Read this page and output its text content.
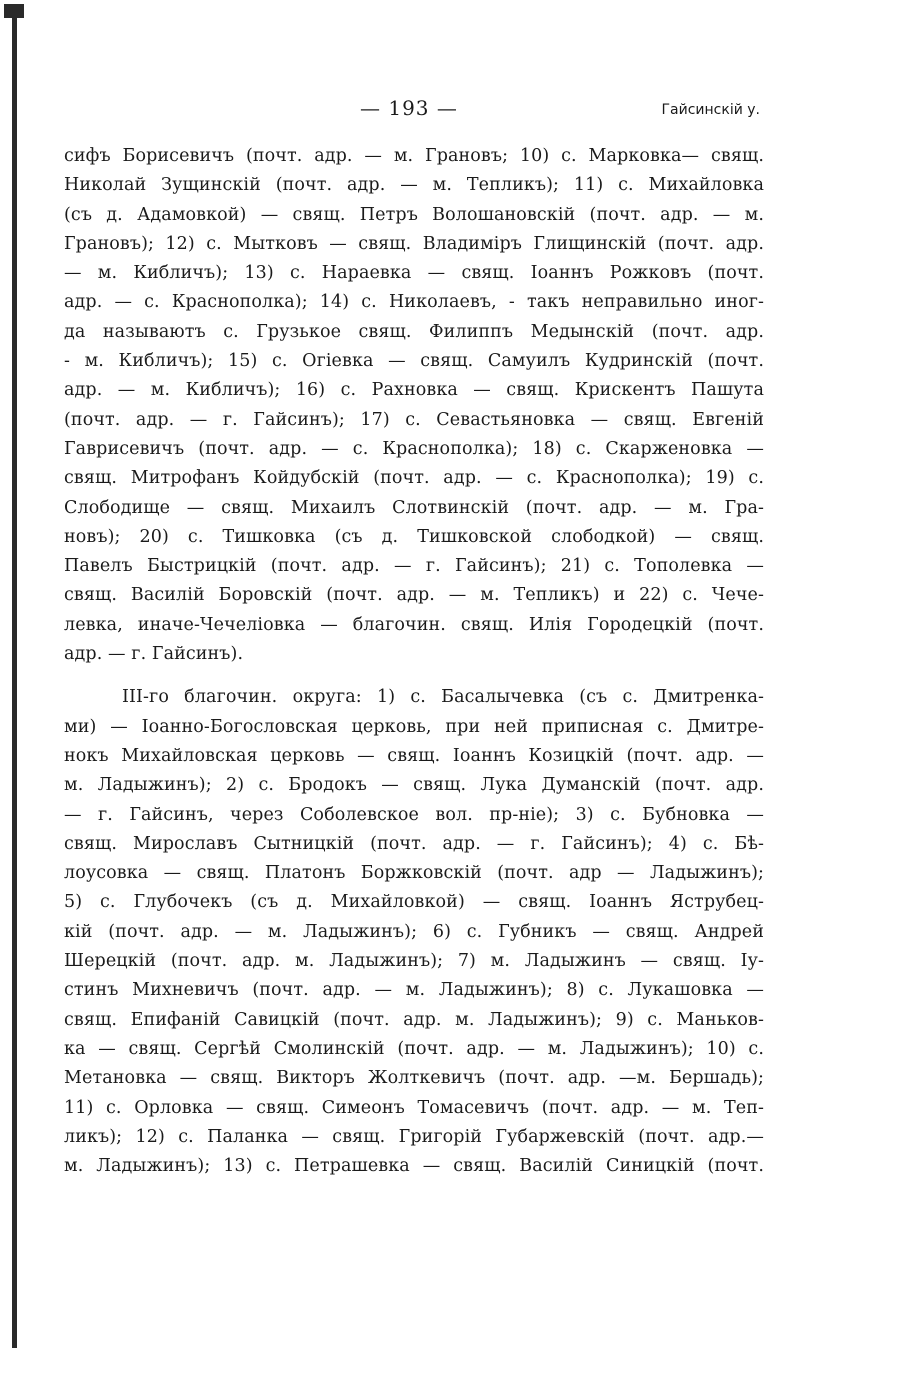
— 193 —	Гайсинскій у.
сифъ Борисевичъ (почт. адр. — м. Грановъ; 10) с. Марковка— свящ.
Николай Зущинскій (почт. адр. — м. Тепликъ); 11) с. Михайловка
(съ д. Адамовкой) — свящ. Петръ Волошановскій (почт. адр. — м.
Грановъ); 12) с. Мытковъ — свящ. Владиміръ Глищинскій (почт. адр.
— м. Кибличъ); 13) с. Нараевка — свящ. Іоаннъ Рожковъ (почт.
адр. — с. Краснополка); 14) с. Николаевъ, - такъ неправильно иног-
да называютъ с. Грузькое свящ. Филиппъ Медынскій (почт. адр.
- м. Кибличъ); 15) с. Огіевка — свящ. Самуилъ Кудринскій (почт.
адр. — м. Кибличъ); 16) с. Рахновка — свящ. Крискентъ Пашута
(почт. адр. — г. Гайсинъ); 17) с. Севастьяновка — свящ. Евгеній
Гаврисевичъ (почт. адр. — с. Краснополка); 18) с. Скарженовка —
свящ. Митрофанъ Койдубскій (почт. адр. — с. Краснополка); 19) с.
Слободище — свящ. Михаилъ Слотвинскій (почт. адр. — м. Гра-
новъ); 20) с. Тишковка (съ д. Тишковской слободкой) — свящ.
Павелъ Быстрицкій (почт. адр. — г. Гайсинъ); 21) с. Тополевка —
свящ. Василій Боровскій (почт. адр. — м. Тепликъ) и 22) с. Чече-
левка, иначе-Чечеліовка — благочин. свящ. Илія Городецкій (почт.
адр. — г. Гайсинъ).
III-го благочин. округа: 1) с. Басалычевка (съ с. Дмитренка-
ми) — Іоанно-Богословская церковь, при ней приписная с. Дмитре-
нокъ Михайловская церковь — свящ. Іоаннъ Козицкій (почт. адр. —
м. Ладыжинъ); 2) с. Бродокъ — свящ. Лука Думанскій (почт. адр.
— г. Гайсинъ, через Соболевское вол. пр-ніе); 3) с. Бубновка —
свящ. Мирославъ Сытницкій (почт. адр. — г. Гайсинъ); 4) с. Бѣ-
лоусовка — свящ. Платонъ Боржковскій (почт. адр — Ладыжинъ);
5) с. Глубочекъ (съ д. Михайловкой) — свящ. Іоаннъ Яструбец-
кій (почт. адр. — м. Ладыжинъ); 6) с. Губникъ — свящ. Андрей
Шерецкій (почт. адр. м. Ладыжинъ); 7) м. Ладыжинъ — свящ. Іу-
стинъ Михневичъ (почт. адр. — м. Ладыжинъ); 8) с. Лукашовка —
свящ. Епифаній Савицкій (почт. адр. м. Ладыжинъ); 9) с. Маньков-
ка — свящ. Сергѣй Смолинскій (почт. адр. — м. Ладыжинъ); 10) с.
Метановка — свящ. Викторъ Жолткевичъ (почт. адр. —м. Бершадь);
11) с. Орловка — свящ. Симеонъ Томасевичъ (почт. адр. — м. Теп-
ликъ); 12) с. Паланка — свящ. Григорій Губаржевскій (почт. адр.—
м. Ладыжинъ); 13) с. Петрашевка — свящ. Василій Синицкій (почт.
